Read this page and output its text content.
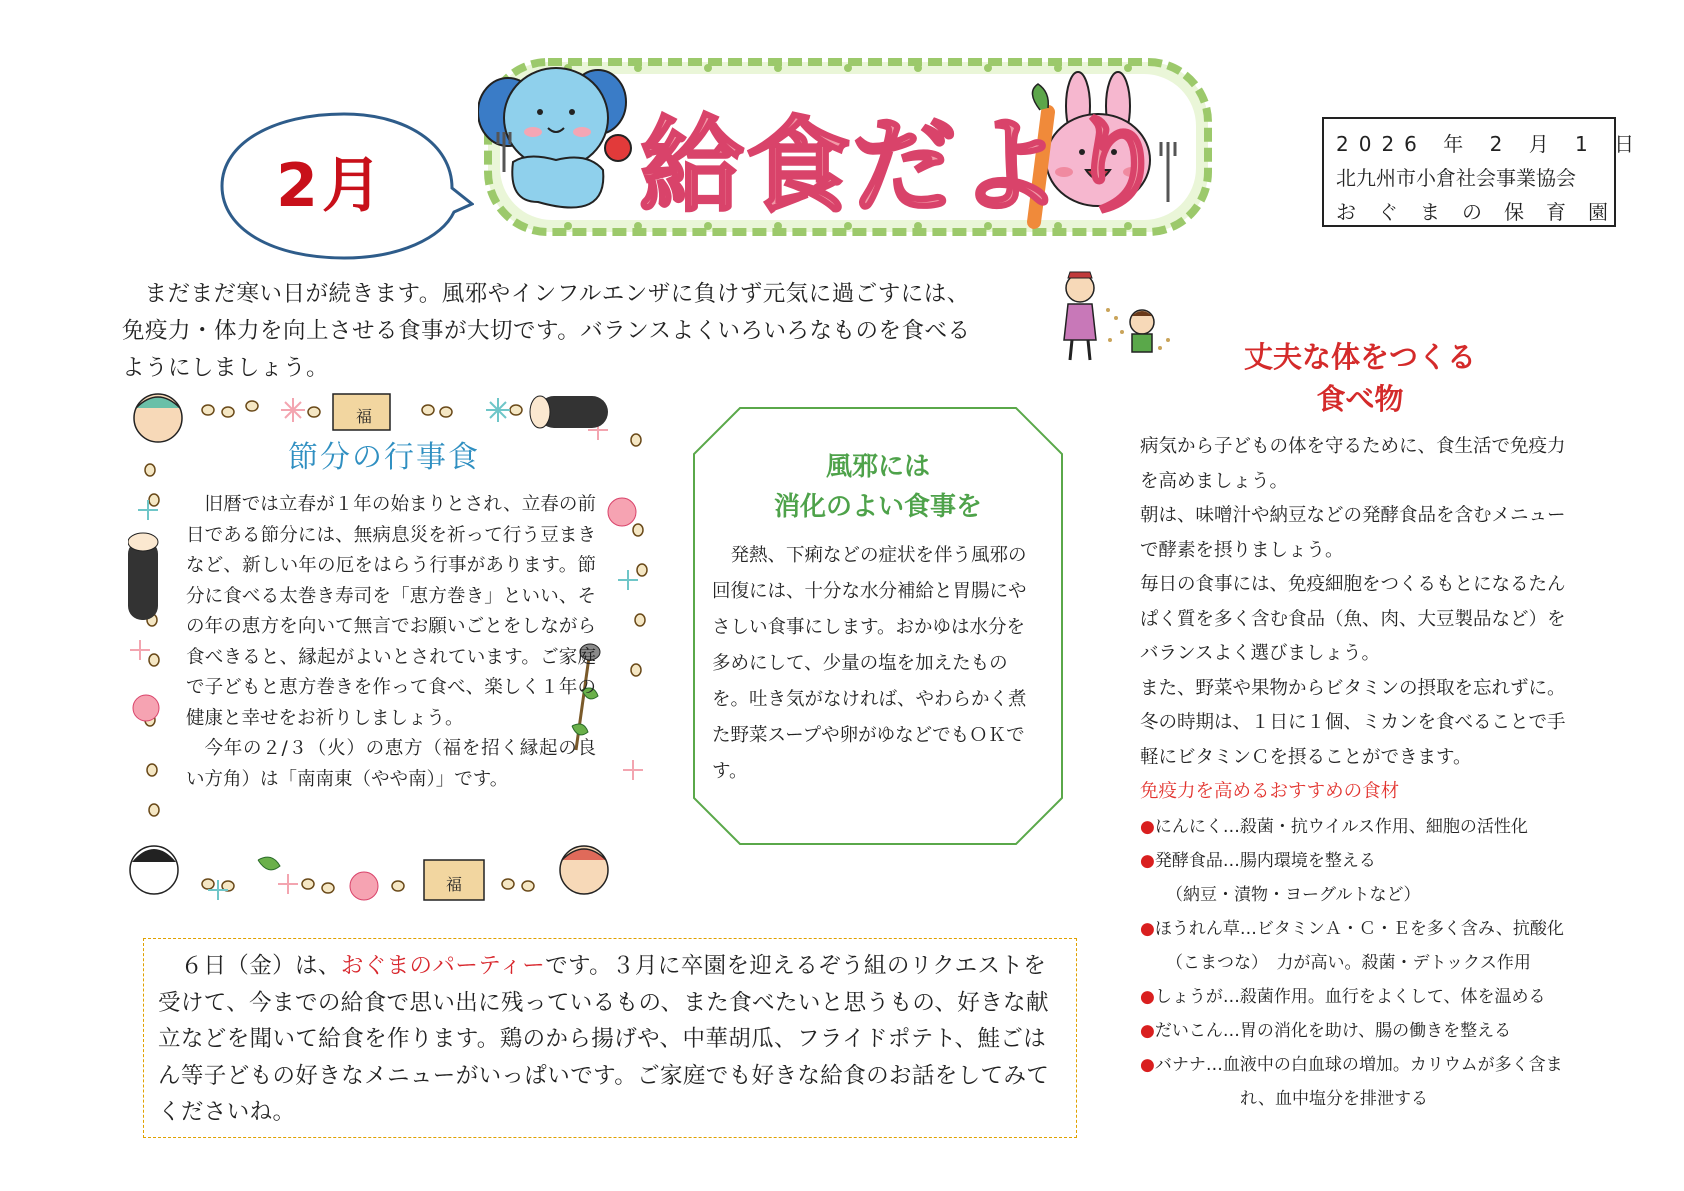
2月 給食だより	2026 年 2 月 1 日
北九州市小倉社会事業協会
おぐまの保育園
まだまだ寒い日が続きます。風邪やインフルエンザに負けず元気に過ごすには、
免疫力・体力を向上させる食事が大切です。バランスよくいろいろなものを食べる
ようにしましょう。
福
福
節分の行事食

旧暦では立春が１年の始まりとされ、立春の前日である節分には、無病息災を祈って行う豆まきなど、新しい年の厄をはらう行事があります。節分に食べる太巻き寿司を「恵方巻き」といい、その年の恵方を向いて無言でお願いごとをしながら食べきると、縁起がよいとされています。ご家庭で子どもと恵方巻きを作って食べ、楽しく１年の健康と幸せをお祈りしましょう。

今年の２/３（火）の恵方（福を招く縁起の良い方角）は「南南東（やや南）」です。

風邪には
消化のよい食事を

発熱、下痢などの症状を伴う風邪の回復には、十分な水分補給と胃腸にやさしい食事にします。おかゆは水分を多めにして、少量の塩を加えたものを。吐き気がなければ、やわらかく煮た野菜スープや卵がゆなどでもＯＫです。

丈夫な体をつくる
食べ物
病気から子どもの体を守るために、食生活で免疫力
を高めましょう。
朝は、味噌汁や納豆などの発酵食品を含むメニュー
で酵素を摂りましょう。
毎日の食事には、免疫細胞をつくるもとになるたん
ぱく質を多く含む食品（魚、肉、大豆製品など）を
バランスよく選びましょう。
また、野菜や果物からビタミンの摂取を忘れずに。
冬の時期は、１日に１個、ミカンを食べることで手
軽にビタミンＣを摂ることができます。
免疫力を高めるおすすめの食材
●にんにく…殺菌・抗ウイルス作用、細胞の活性化
●発酵食品…腸内環境を整える
（納豆・漬物・ヨーグルトなど）
●ほうれん草…ビタミンＡ・Ｃ・Ｅを多く含み、抗酸化
（こまつな）　力が高い。殺菌・デトックス作用
●しょうが…殺菌作用。血行をよくして、体を温める
●だいこん…胃の消化を助け、腸の働きを整える
●バナナ…血液中の白血球の増加。カリウムが多く含ま
れ、血中塩分を排泄する

６日（金）は、おぐまのパーティーです。３月に卒園を迎えるぞう組のリクエストを受けて、今までの給食で思い出に残っているもの、また食べたいと思うもの、好きな献立などを聞いて給食を作ります。鶏のから揚げや、中華胡瓜、フライドポテト、鮭ごはん等子どもの好きなメニューがいっぱいです。ご家庭でも好きな給食のお話をしてみてくださいね。
